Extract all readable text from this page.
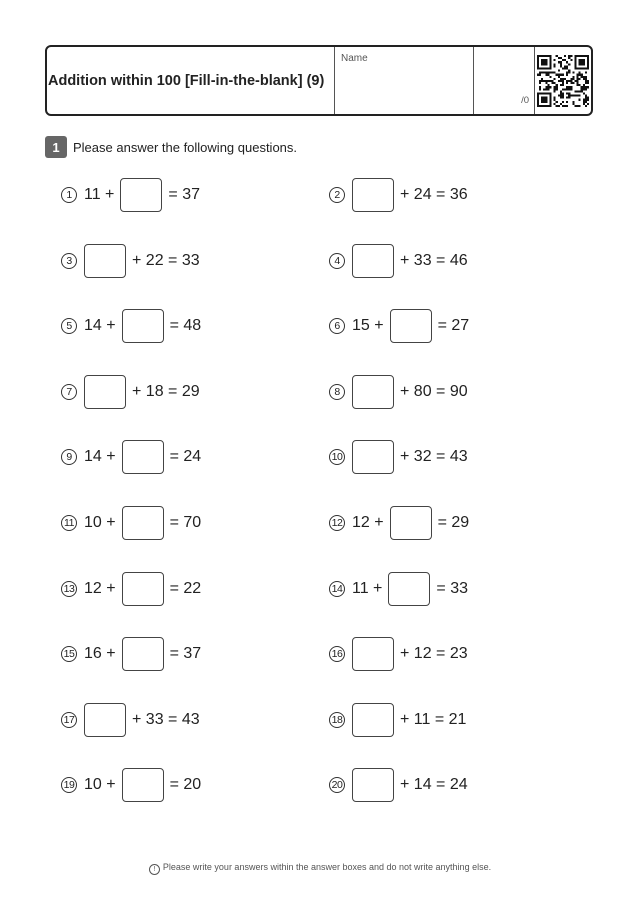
Addition within 100 [Fill-in-the-blank] (9)
Name
/0
1	Please answer the following questions.
1 11 +	= 37	2	+ 24 = 36
3	+ 22 = 33	4	+ 33 = 46
5 14 +	= 48	6 15 +	= 27
7	+ 18 = 29	8	+ 80 = 90
9 14 +	= 24	10	+ 32 = 43
11 10 +	= 70	12 12 +	= 29
13 12 +	= 22	14 11 +	= 33
15 16 +	= 37	16	+ 12 = 23
17	+ 33 = 43	18	+ 11 = 21
19 10 +	= 20	20	+ 14 = 24
! Please write your answers within the answer boxes and do not write anything else.
